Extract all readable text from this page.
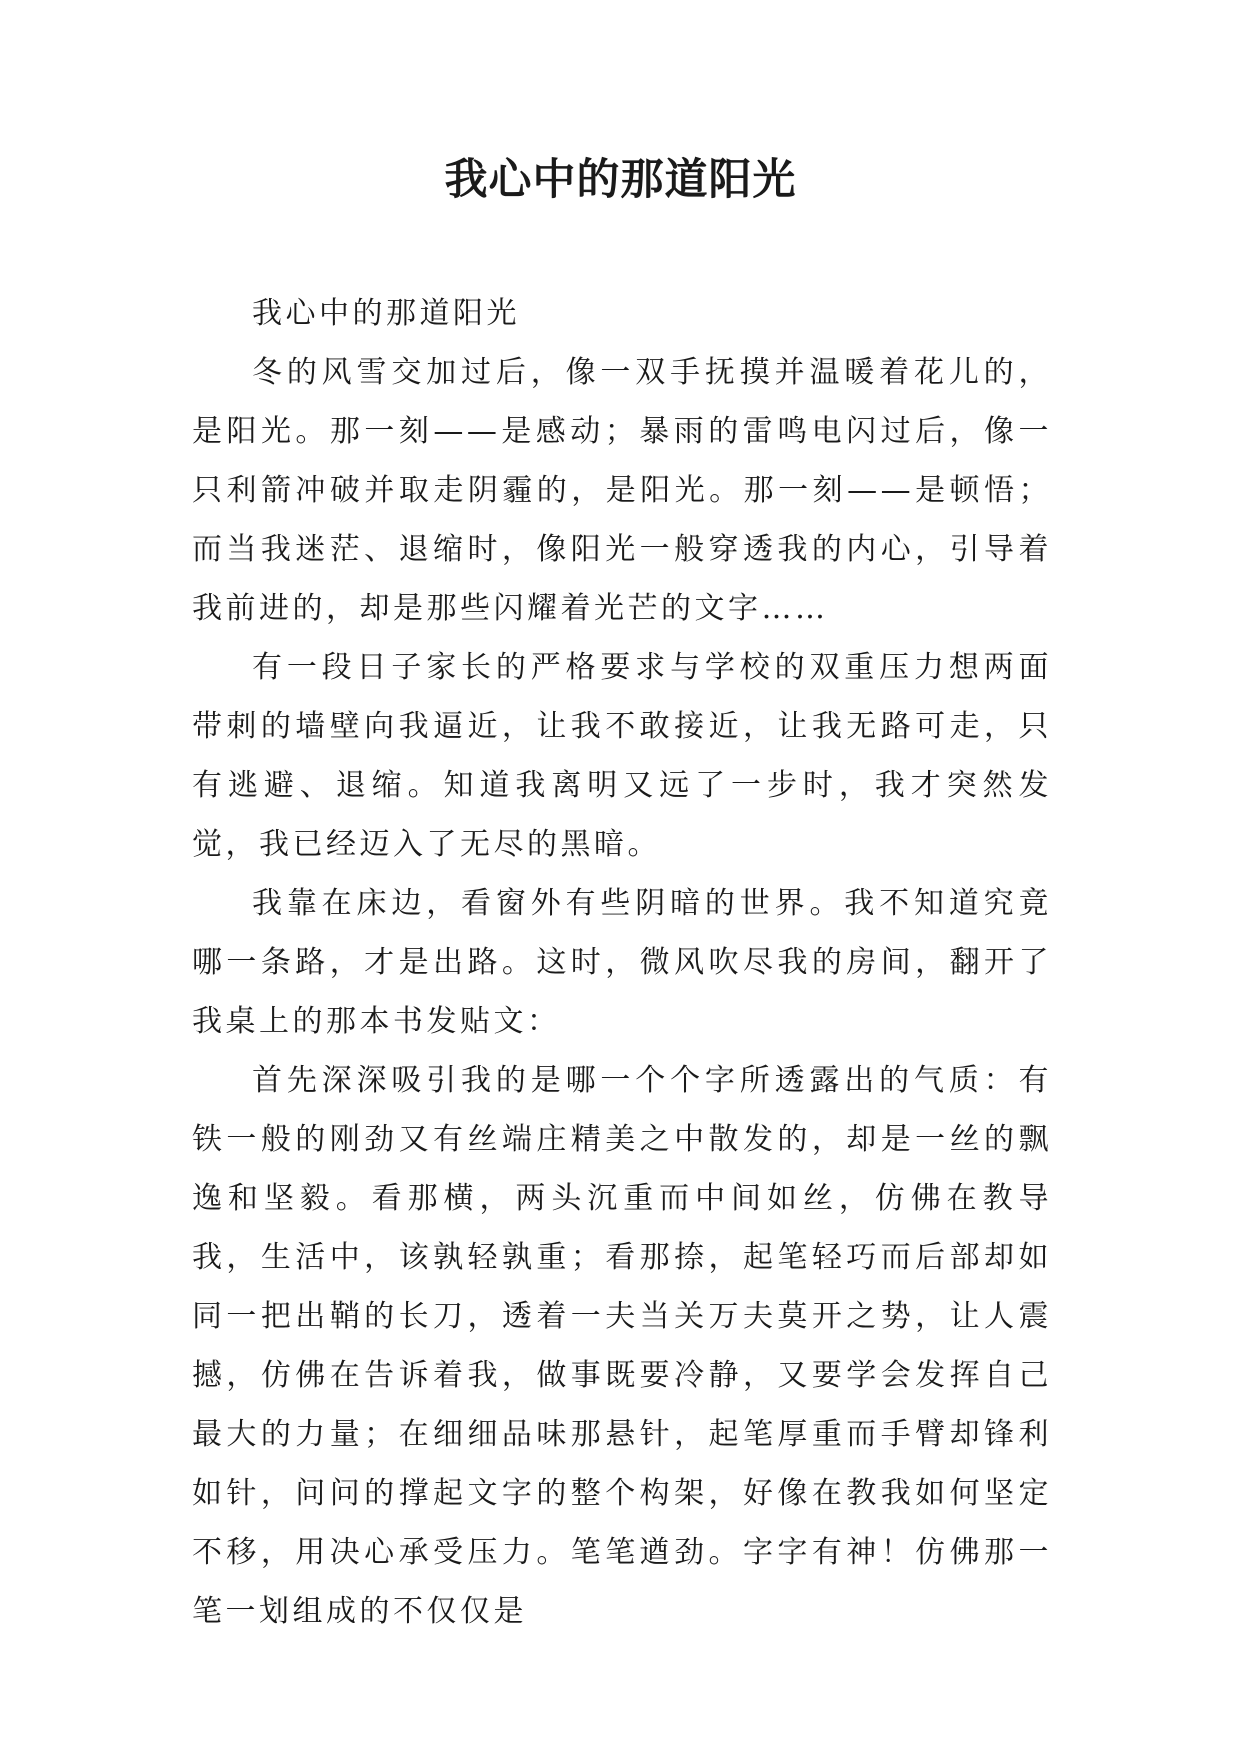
我心中的那道阳光

我心中的那道阳光

冬的风雪交加过后，像一双手抚摸并温暖着花儿的，是阳光。那一刻——是感动；暴雨的雷鸣电闪过后，像一只利箭冲破并取走阴霾的，是阳光。那一刻——是顿悟；而当我迷茫、退缩时，像阳光一般穿透我的内心，引导着我前进的，却是那些闪耀着光芒的文字……

有一段日子家长的严格要求与学校的双重压力想两面带刺的墙壁向我逼近，让我不敢接近，让我无路可走，只有逃避、退缩。知道我离明又远了一步时，我才突然发觉，我已经迈入了无尽的黑暗。

我靠在床边，看窗外有些阴暗的世界。我不知道究竟哪一条路，才是出路。这时，微风吹尽我的房间，翻开了我桌上的那本书发贴文：

首先深深吸引我的是哪一个个字所透露出的气质：有铁一般的刚劲又有丝端庄精美之中散发的，却是一丝的飘逸和坚毅。看那横，两头沉重而中间如丝，仿佛在教导我，生活中，该孰轻孰重；看那捺，起笔轻巧而后部却如同一把出鞘的长刀，透着一夫当关万夫莫开之势，让人震撼，仿佛在告诉着我，做事既要冷静，又要学会发挥自己最大的力量；在细细品味那悬针，起笔厚重而手臂却锋利如针，问问的撑起文字的整个构架，好像在教我如何坚定不移，用决心承受压力。笔笔遒劲。字字有神！仿佛那一笔一划组成的不仅仅是
